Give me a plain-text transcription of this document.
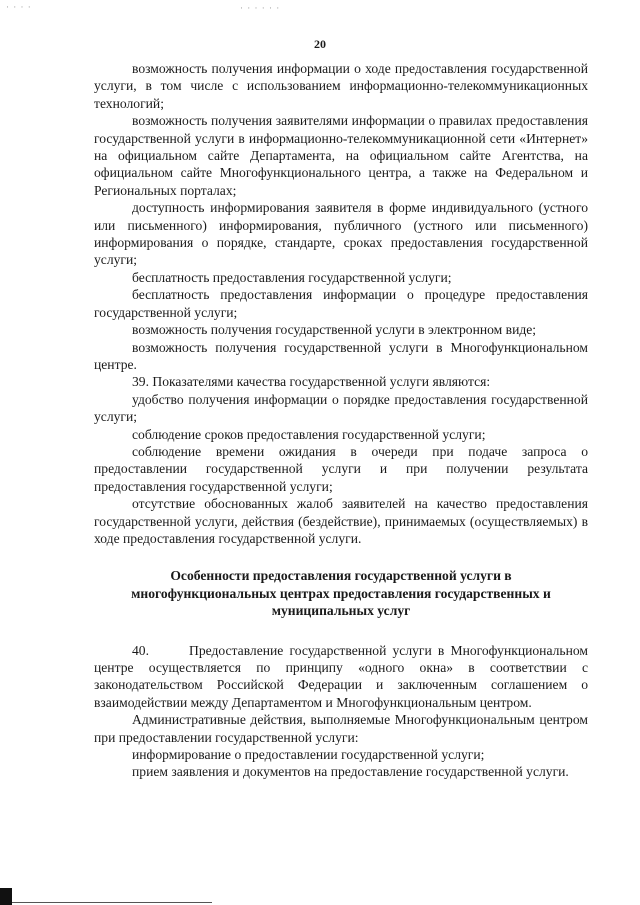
· · · ·	· · · · · ·
20

возможность получения информации о ходе предоставления государственной услуги, в том числе с использованием информационно-телекоммуникационных технологий;

возможность получения заявителями информации о правилах предоставления государственной услуги в информационно-телекоммуникационной сети «Интернет» на официальном сайте Департамента, на официальном сайте Агентства, на официальном сайте Многофункционального центра, а также на Федеральном и Региональных порталах;

доступность информирования заявителя в форме индивидуального (устного или письменного) информирования, публичного (устного или письменного) информирования о порядке, стандарте, сроках предоставления государственной услуги;

бесплатность предоставления государственной услуги;

бесплатность предоставления информации о процедуре предоставления государственной услуги;

возможность получения государственной услуги в электронном виде;

возможность получения государственной услуги в Многофункциональном центре.

39. Показателями качества государственной услуги являются:

удобство получения информации о порядке предоставления государственной услуги;

соблюдение сроков предоставления государственной услуги;

соблюдение времени ожидания в очереди при подаче запроса о предоставлении государственной услуги и при получении результата предоставления государственной услуги;

отсутствие обоснованных жалоб заявителей на качество предоставления государственной услуги, действия (бездействие), принимаемых (осуществляемых) в ходе предоставления государственной услуги.

Особенности предоставления государственной услуги в многофункциональных центрах предоставления государственных и муниципальных услуг

40.	Предоставление государственной услуги в Многофункциональном центре осуществляется по принципу «одного окна» в соответствии с законодательством Российской Федерации и заключенным соглашением о взаимодействии между Департаментом и Многофункциональным центром.

Административные действия, выполняемые Многофункциональным центром при предоставлении государственной услуги:

информирование о предоставлении государственной услуги;

прием заявления и документов на предоставление государственной услуги.
